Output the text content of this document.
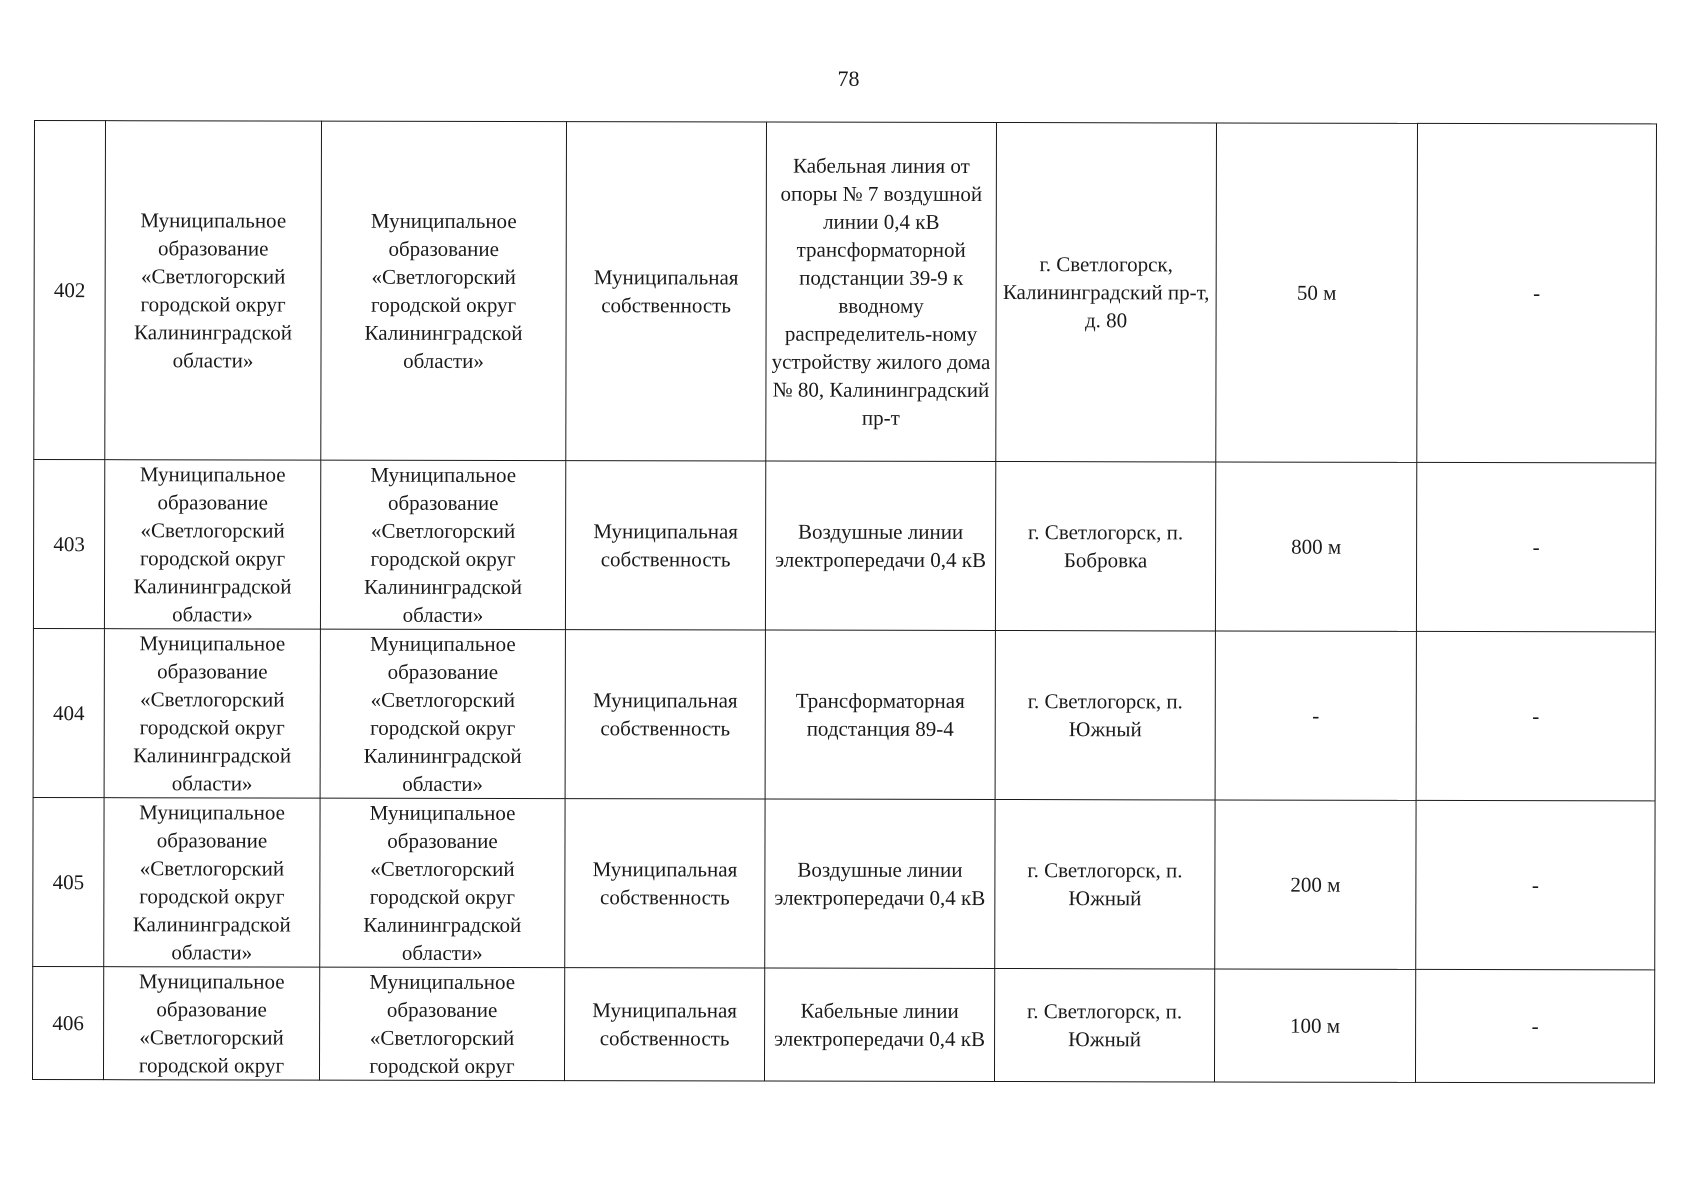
78
402	Муниципальное образование «Светлогорский городской округ Калининградской области»	Муниципальное образование «Светлогорский городской округ Калининградской области»	Муниципальная собственность	Кабельная линия от опоры № 7 воздушной линии 0,4 кВ трансформаторной подстанции 39-9 к вводному распределитель-ному устройству жилого дома № 80, Калининградский пр-т	г. Светлогорск, Калининградский пр-т, д. 80	50 м	-
403	Муниципальное образование «Светлогорский городской округ Калининградской области»	Муниципальное образование «Светлогорский городской округ Калининградской области»	Муниципальная собственность	Воздушные линии электропередачи 0,4 кВ	г. Светлогорск, п. Бобровка	800 м	-
404	Муниципальное образование «Светлогорский городской округ Калининградской области»	Муниципальное образование «Светлогорский городской округ Калининградской области»	Муниципальная собственность	Трансформаторная подстанция 89-4	г. Светлогорск, п. Южный	-	-
405	Муниципальное образование «Светлогорский городской округ Калининградской области»	Муниципальное образование «Светлогорский городской округ Калининградской области»	Муниципальная собственность	Воздушные линии электропередачи 0,4 кВ	г. Светлогорск, п. Южный	200 м	-
406	Муниципальное образование «Светлогорский городской округ	Муниципальное образование «Светлогорский городской округ	Муниципальная собственность	Кабельные линии электропередачи 0,4 кВ	г. Светлогорск, п. Южный	100 м	-
